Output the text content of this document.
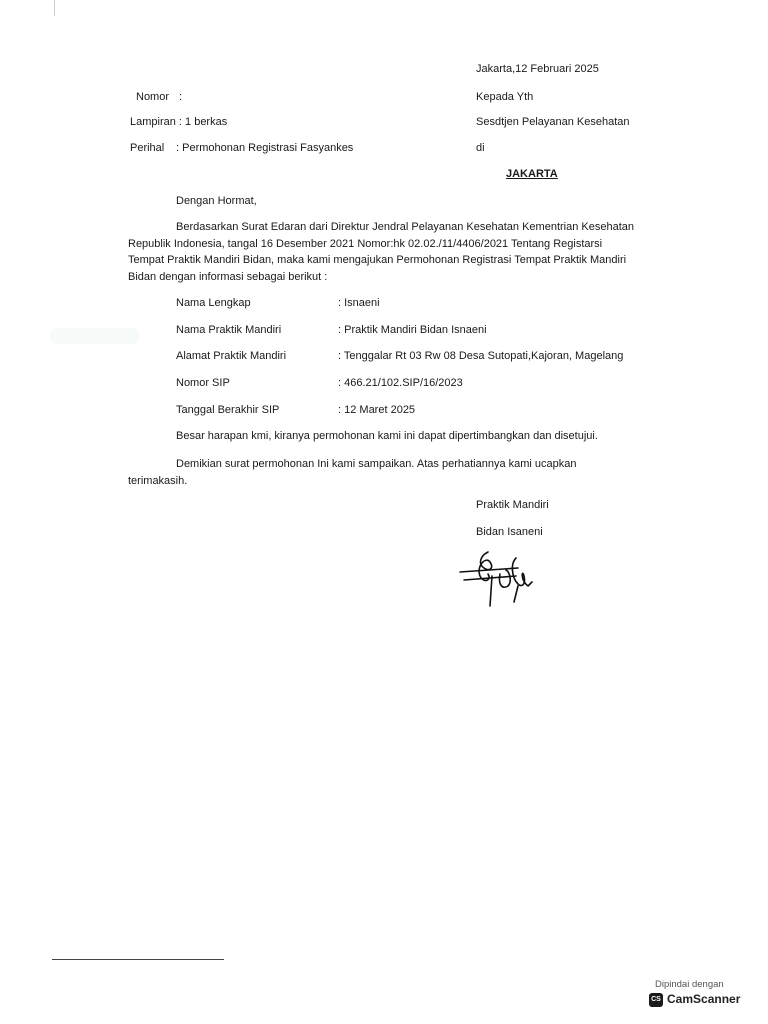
Jakarta,12 Februari 2025
Nomor :
Lampiran : 1 berkas
Perihal : Permohonan Registrasi Fasyankes
Kepada Yth
Sesdtjen Pelayanan Kesehatan
di
JAKARTA
Dengan Hormat,
Berdasarkan Surat Edaran dari Direktur Jendral Pelayanan Kesehatan Kementrian Kesehatan Republik Indonesia, tangal 16 Desember 2021 Nomor:hk 02.02./11/4406/2021 Tentang Registarsi Tempat Praktik Mandiri Bidan, maka kami mengajukan Permohonan Registrasi Tempat Praktik Mandiri Bidan dengan informasi sebagai berikut :
Nama Lengkap	: Isnaeni
Nama Praktik Mandiri	: Praktik Mandiri Bidan Isnaeni
Alamat Praktik Mandiri	: Tenggalar Rt 03 Rw 08 Desa Sutopati,Kajoran, Magelang
Nomor SIP	: 466.21/102.SIP/16/2023
Tanggal Berakhir SIP	: 12 Maret 2025
Besar harapan kmi, kiranya permohonan kami ini dapat dipertimbangkan dan disetujui.
Demikian surat permohonan Ini kami sampaikan. Atas perhatiannya kami ucapkan terimakasih.
Praktik Mandiri
Bidan Isaneni
Dipindai dengan
CS CamScanner
